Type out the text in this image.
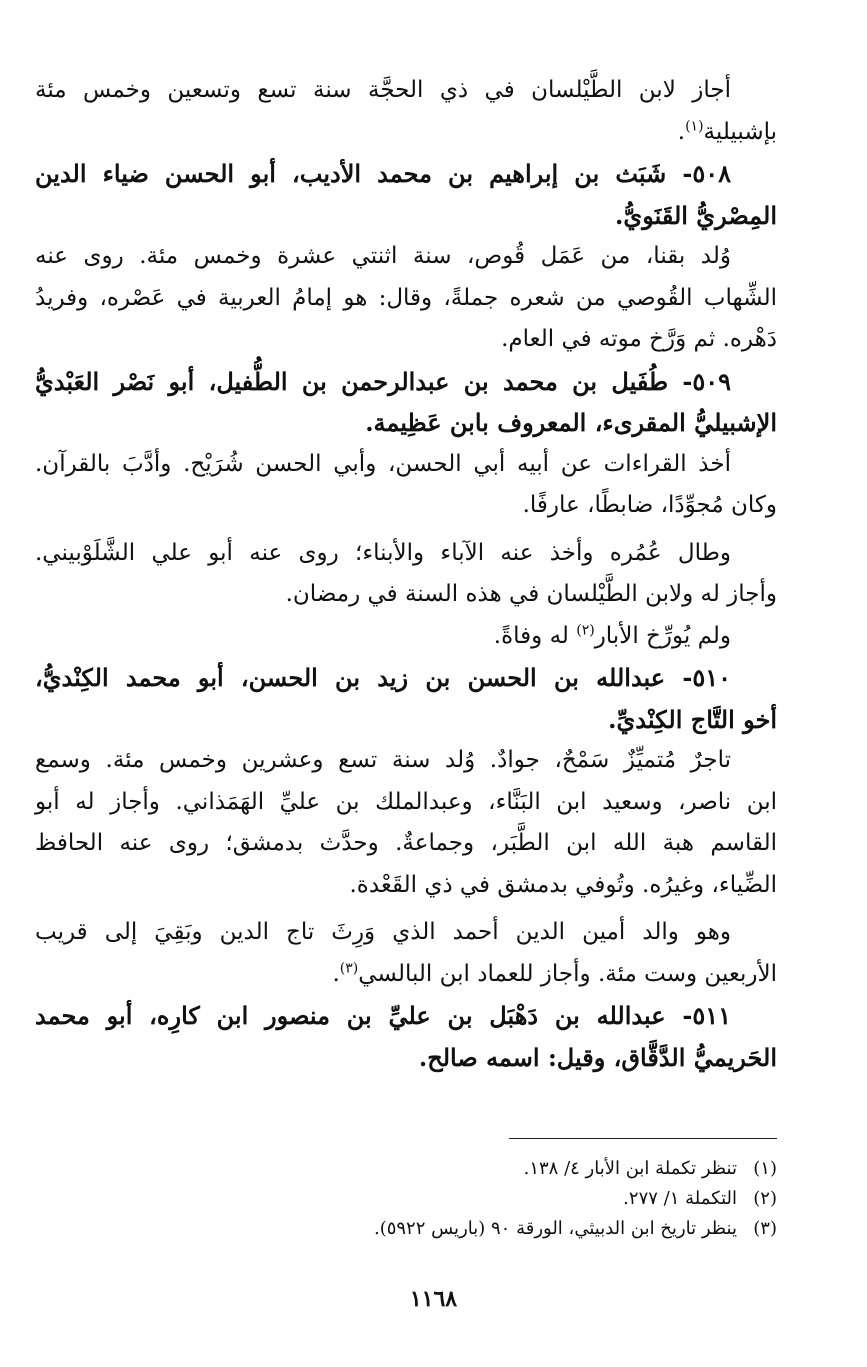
أجاز لابن الطَّيْلسان في ذي الحجَّة سنة تسع وتسعين وخمس مئة
بإشبيلية$^{(١)}$.
٥٠٨- شَبَث بن إبراهيم بن محمد الأديب، أبو الحسن ضياء الدين
المِصْريُّ القَنَويُّ.
وُلد بقنا، من عَمَل قُوص، سنة اثنتي عشرة وخمس مئة. روى عنه
الشِّهاب القُوصي من شعره جملةً، وقال: هو إمامُ العربية في عَصْره، وفريدُ
دَهْره. ثم وَرَّخ موته في العام.
٥٠٩- طُفَيل بن محمد بن عبدالرحمن بن الطُّفيل، أبو نَصْر العَبْديُّ
الإشبيليُّ المقرىء، المعروف بابن عَظِيمة.
أخذ القراءات عن أبيه أبي الحسن، وأبي الحسن شُرَيْح. وأدَّبَ بالقرآن.
وكان مُجوِّدًا، ضابطًا، عارفًا.
وطال عُمُره وأخذ عنه الآباء والأبناء؛ روى عنه أبو علي الشَّلَوْبيني.
وأجاز له ولابن الطَّيْلسان في هذه السنة في رمضان.
ولم يُورِّخ الأبار$^{(٢)}$ له وفاةً.
٥١٠- عبدالله بن الحسن بن زيد بن الحسن، أبو محمد الكِنْديُّ،
أخو التَّاج الكِنْديِّ.
تاجرٌ مُتميِّزٌ سَمْحٌ، جوادٌ. وُلد سنة تسع وعشرين وخمس مئة. وسمع
ابن ناصر، وسعيد ابن البَنَّاء، وعبدالملك بن عليِّ الهَمَذاني. وأجاز له أبو
القاسم هبة الله ابن الطَّبَر، وجماعةٌ. وحدَّث بدمشق؛ روى عنه الحافظ
الضِّياء، وغيرُه. وتُوفي بدمشق في ذي القَعْدة.
وهو والد أمين الدين أحمد الذي وَرِثَ تاج الدين وبَقِيَ إلى قريب
الأربعين وست مئة. وأجاز للعماد ابن البالسي$^{(٣)}$.
٥١١- عبدالله بن دَهْبَل بن عليِّ بن منصور ابن كارِه، أبو محمد
الحَريميُّ الدَّقَّاق، وقيل: اسمه صالح.
(١)تنظر تكملة ابن الأبار ٤/ ١٣٨.
(٢)التكملة ١/ ٢٧٧.
(٣)ينظر تاريخ ابن الدبيثي، الورقة ٩٠ (باريس ٥٩٢٢).
١١٦٨
